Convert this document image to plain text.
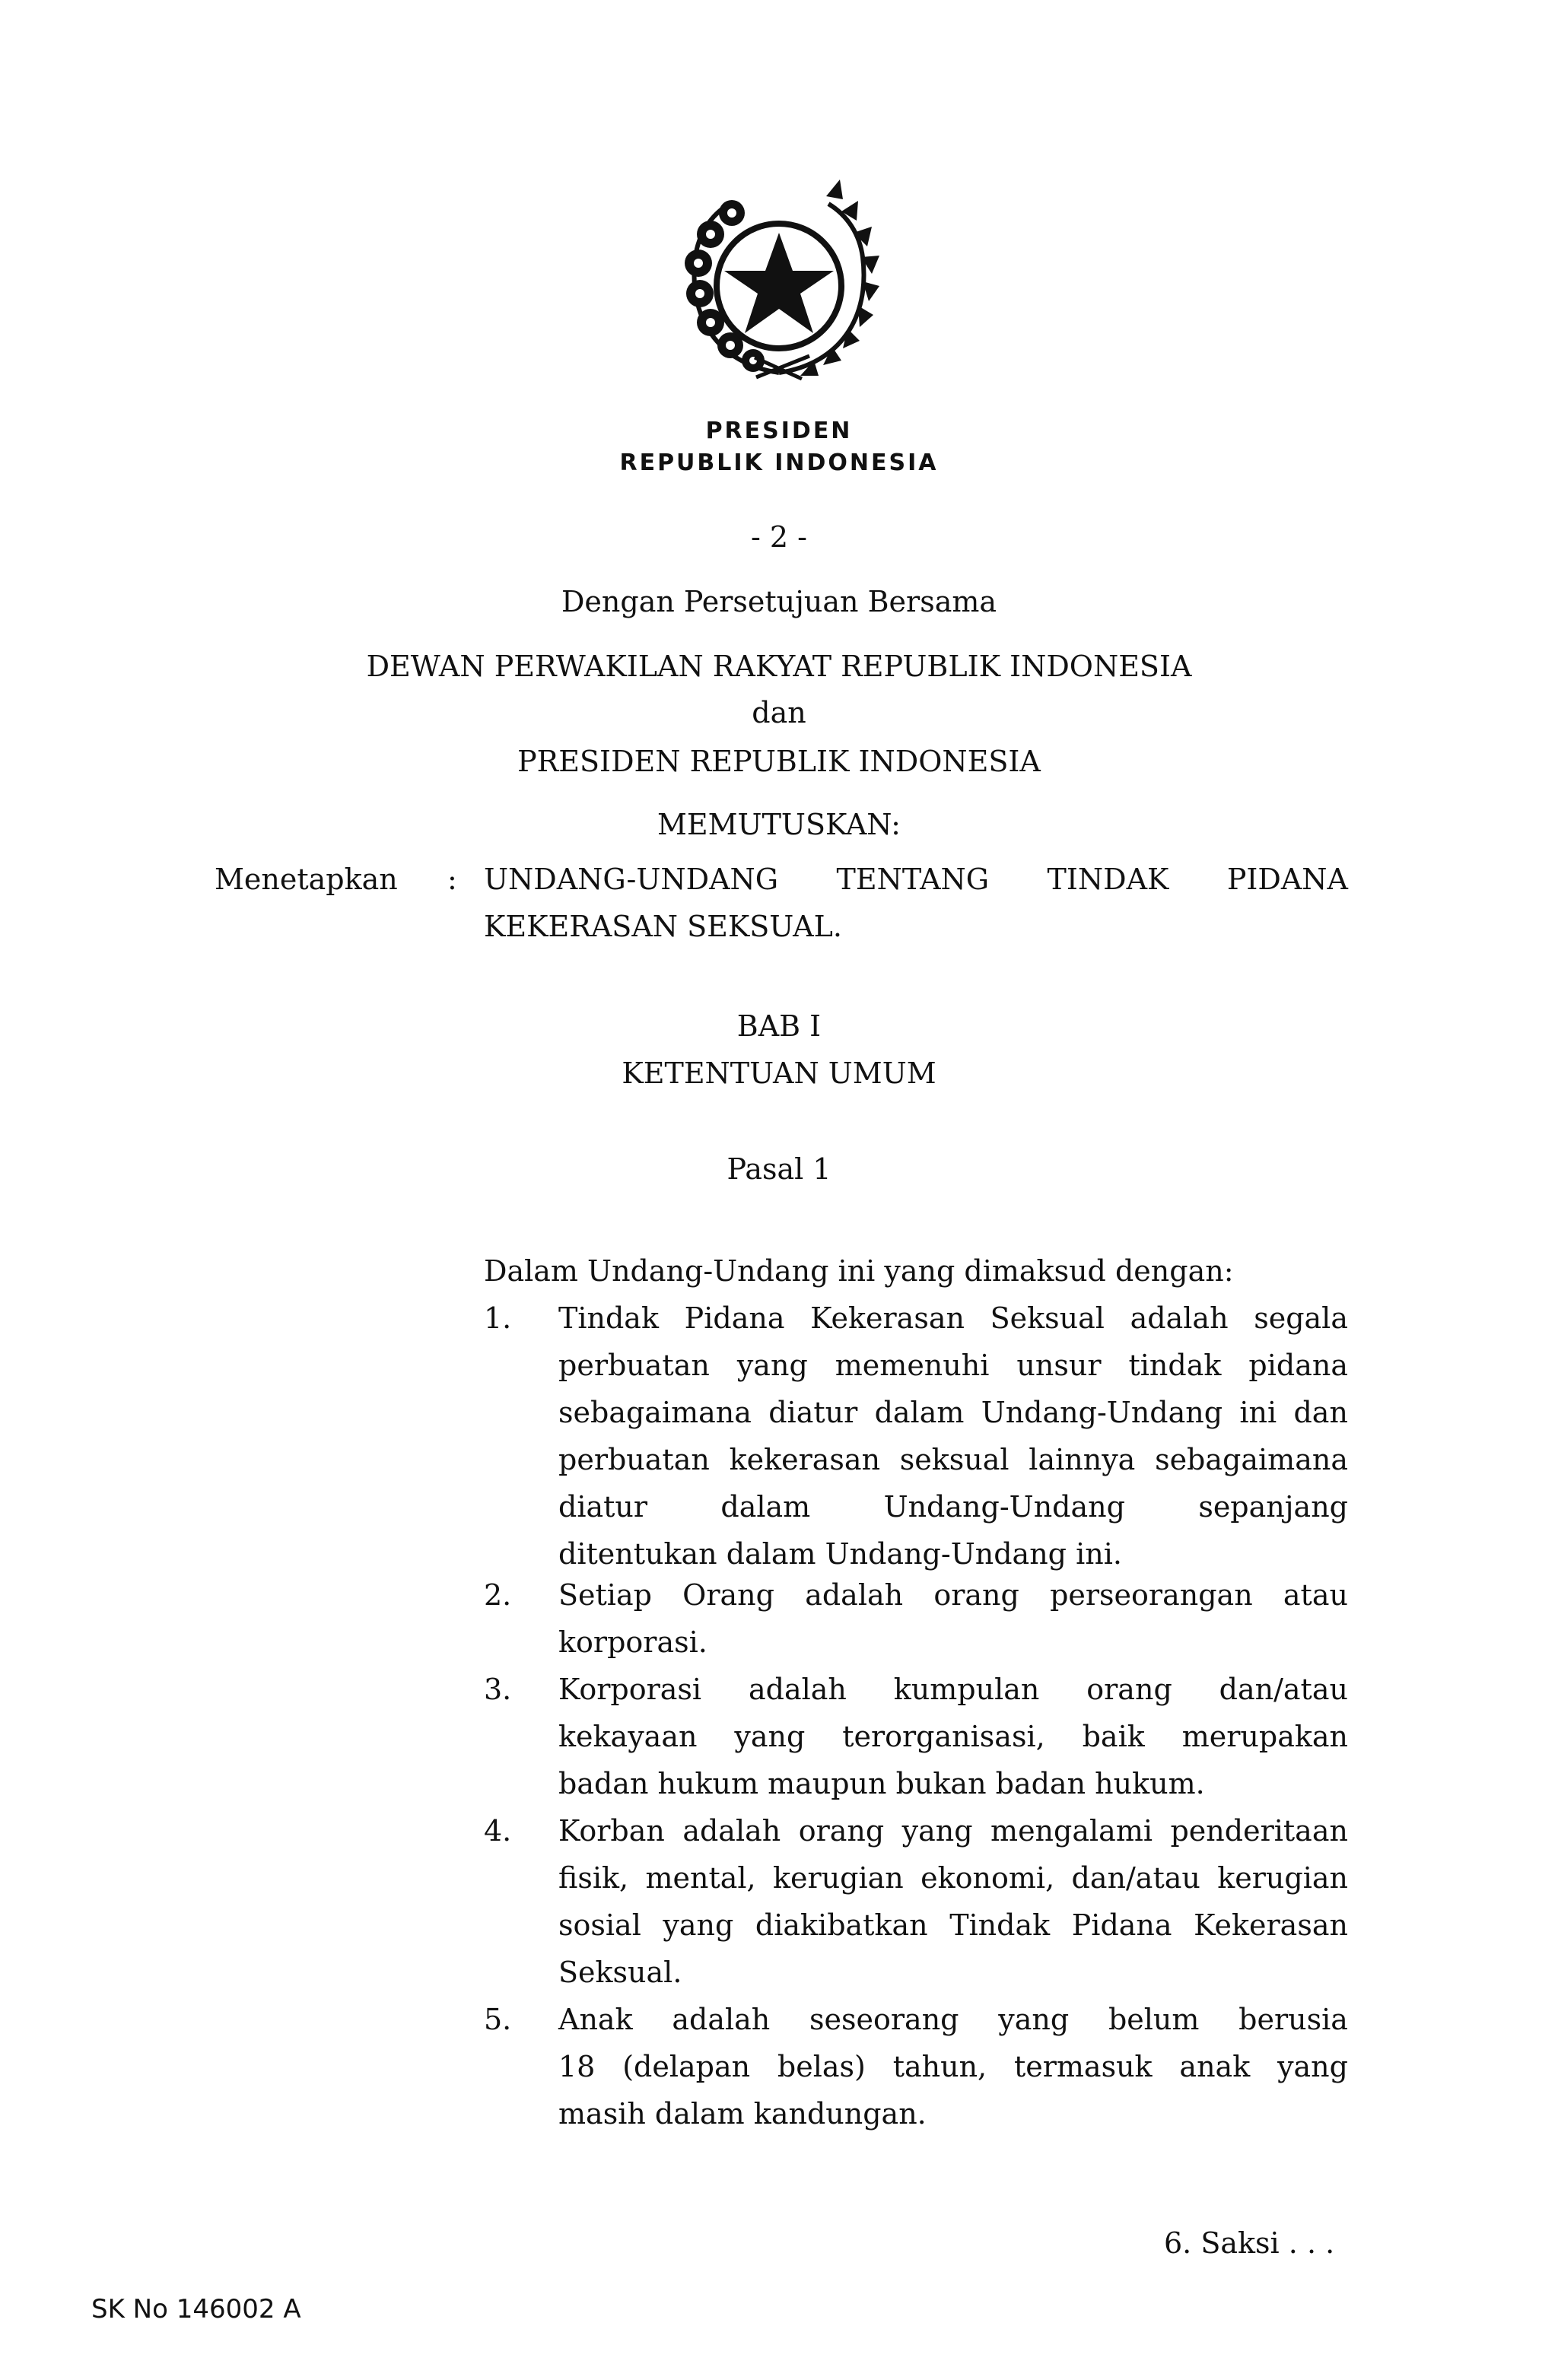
PRESIDEN
REPUBLIK INDONESIA
- 2 -
Dengan Persetujuan Bersama
DEWAN PERWAKILAN RAKYAT REPUBLIK INDONESIA
dan
PRESIDEN REPUBLIK INDONESIA
MEMUTUSKAN:
Menetapkan : UNDANG-UNDANG TENTANG TINDAK PIDANA
KEKERASAN SEKSUAL.
BAB I
KETENTUAN UMUM
Pasal 1
Dalam Undang-Undang ini yang dimaksud dengan:
1. Tindak Pidana Kekerasan Seksual adalah segala
perbuatan yang memenuhi unsur tindak pidana
sebagaimana diatur dalam Undang-Undang ini dan
perbuatan kekerasan seksual lainnya sebagaimana
diatur	dalam	Undang-Undang	sepanjang
ditentukan dalam Undang-Undang ini.
2. Setiap Orang adalah orang perseorangan atau
korporasi.
3. Korporasi adalah kumpulan orang dan/atau
kekayaan yang terorganisasi, baik merupakan
badan hukum maupun bukan badan hukum.
4. Korban adalah orang yang mengalami penderitaan
fisik, mental, kerugian ekonomi, dan/atau kerugian
sosial yang diakibatkan Tindak Pidana Kekerasan
Seksual.
5. Anak adalah seseorang yang belum berusia
18 (delapan belas) tahun, termasuk anak yang
masih dalam kandungan.
6. Saksi . . .
SK No 146002 A
